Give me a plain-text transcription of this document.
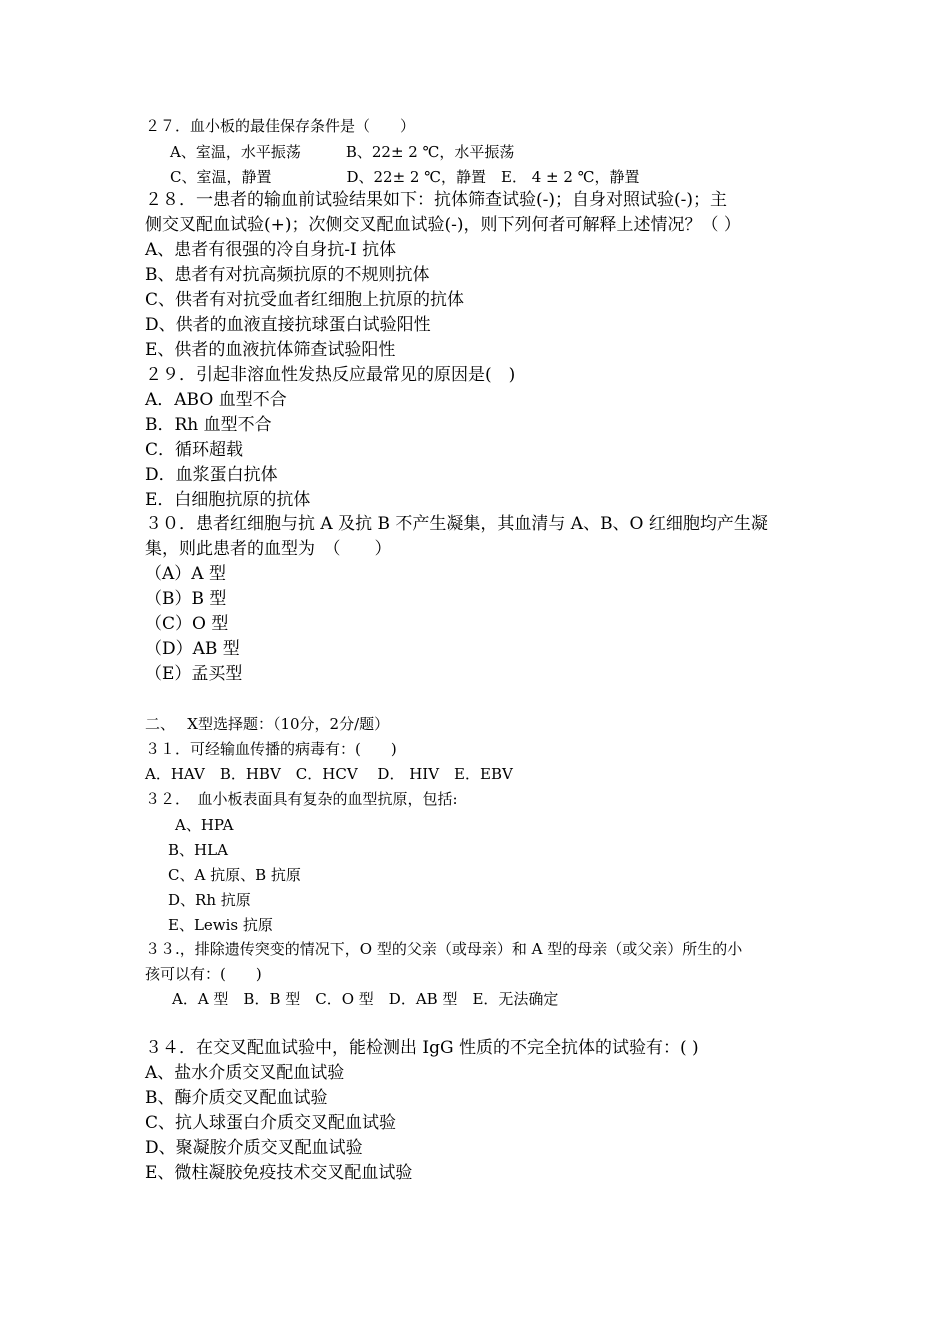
２７．血小板的最佳保存条件是（　　）
A、室温，水平振荡　　　B、22± 2 ℃，水平振荡
C、室温，静置　　　　　D、22± 2 ℃，静置　E． 4 ± 2 ℃，静置
２８．一患者的输血前试验结果如下：抗体筛查试验(-)；自身对照试验(-)；主
侧交叉配血试验(+)；次侧交叉配血试验(-)，则下列何者可解释上述情况？（ ）
A、患者有很强的冷自身抗-I 抗体
B、患者有对抗高频抗原的不规则抗体
C、供者有对抗受血者红细胞上抗原的抗体
D、供者的血液直接抗球蛋白试验阳性
E、供者的血液抗体筛查试验阳性
２９．引起非溶血性发热反应最常见的原因是(　)
A．ABO 血型不合
B．Rh 血型不合
C．循环超载
D．血浆蛋白抗体
E．白细胞抗原的抗体
３０．患者红细胞与抗 A 及抗 B 不产生凝集，其血清与 A、B、O 红细胞均产生凝
集，则此患者的血型为　（　　）
（A）A 型
（B）B 型
（C）O 型
（D）AB 型
（E）孟买型
二、　 X型选择题：（10分，2分/题）
３１．可经输血传播的病毒有：(　　)
A．HAV　B．HBV　C．HCV　 D． HIV　E．EBV
３２．　血小板表面具有复杂的血型抗原，包括:
A、HPA
B、HLA
C、A 抗原、B 抗原
D、Rh 抗原
E、Lewis 抗原
３３.，排除遗传突变的情况下，O 型的父亲（或母亲）和 A 型的母亲（或父亲）所生的小
孩可以有：(　　)
A．A 型　B．B 型　C．O 型　D．AB 型　E．无法确定
３４．在交叉配血试验中，能检测出 IgG 性质的不完全抗体的试验有：( )
A、盐水介质交叉配血试验
B、酶介质交叉配血试验
C、抗人球蛋白介质交叉配血试验
D、聚凝胺介质交叉配血试验
E、微柱凝胶免疫技术交叉配血试验
